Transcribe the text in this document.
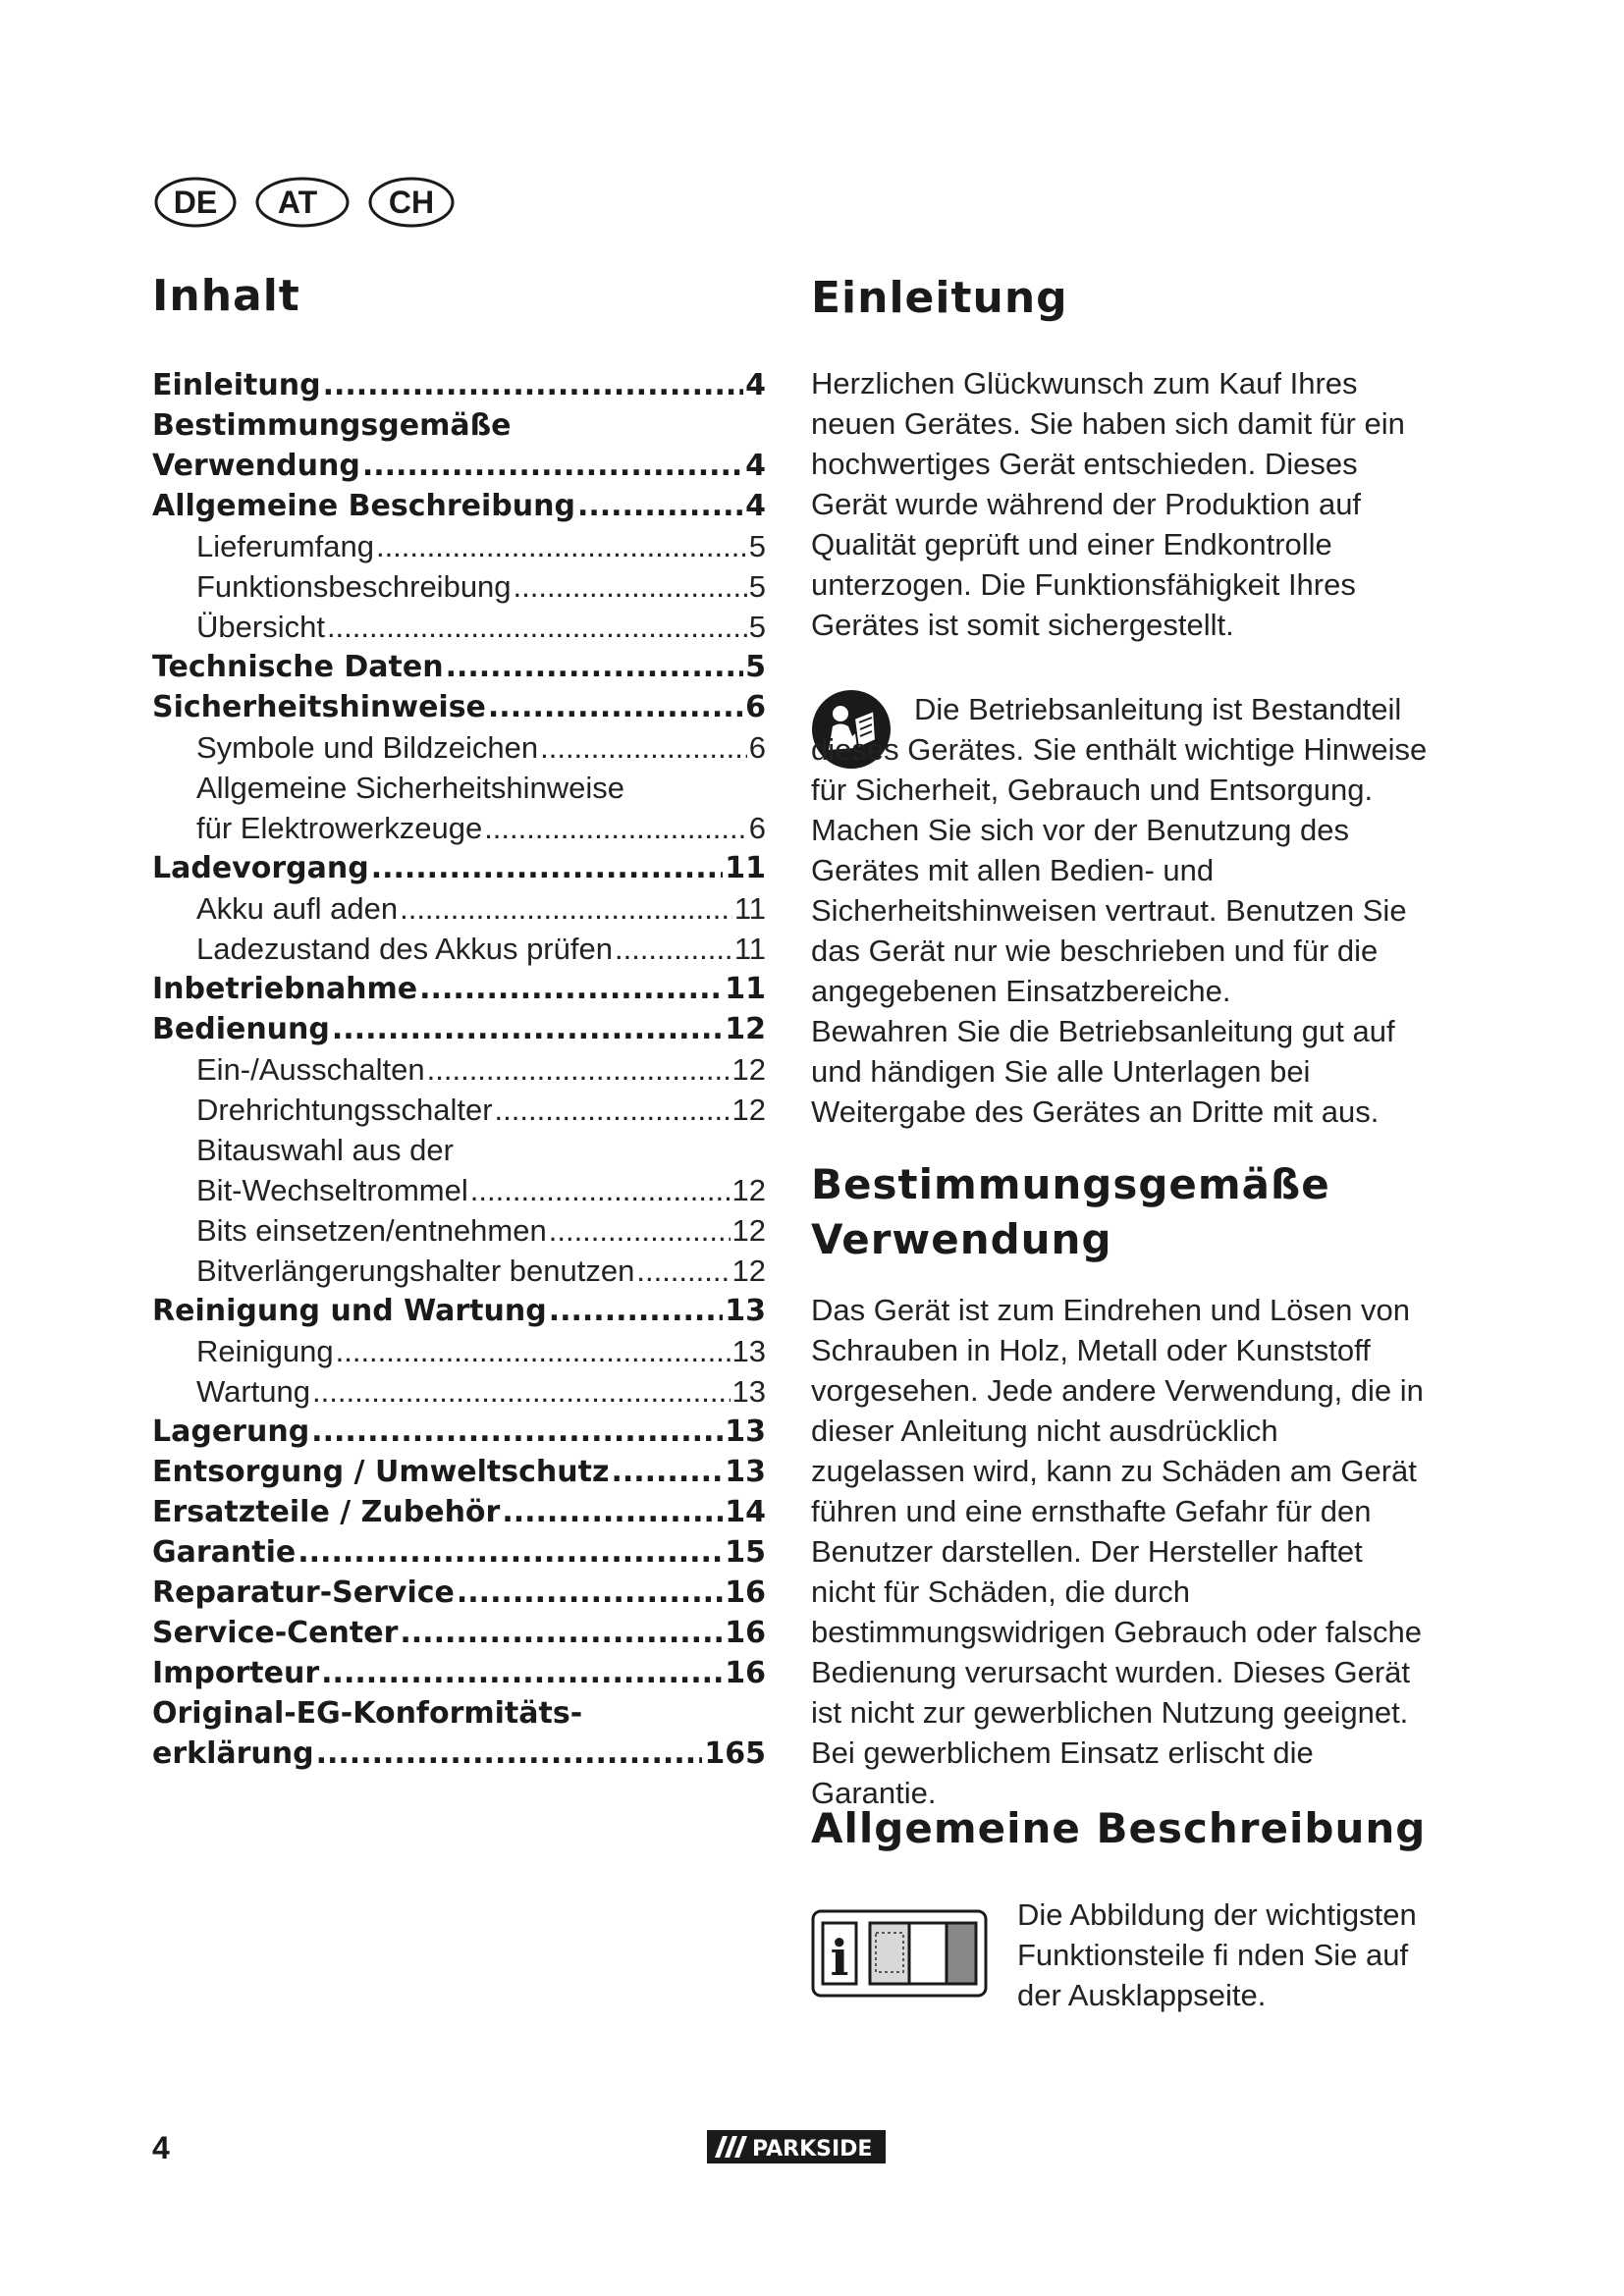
DE AT CH
Inhalt
Einleitung .....	4
Bestimmungsgemäße
Verwendung .....	4
Allgemeine Beschreibung .....	4
Lieferumfang .....	5
Funktionsbeschreibung .....	5
Übersicht .....	5
Technische Daten .....	5
Sicherheitshinweise .....	6
Symbole und Bildzeichen .....	6
Allgemeine Sicherheitshinweise
für Elektrowerkzeuge .....	6
Ladevorgang .....	11
Akku aufl aden .....	11
Ladezustand des Akkus prüfen .....	11
Inbetriebnahme .....	11
Bedienung .....	12
Ein-/Ausschalten .....	12
Drehrichtungsschalter .....	12
Bitauswahl aus der
Bit-Wechseltrommel .....	12
Bits einsetzen/entnehmen .....	12
Bitverlängerungshalter benutzen .....	12
Reinigung und Wartung .....	13
Reinigung .....	13
Wartung .....	13
Lagerung .....	13
Entsorgung / Umweltschutz .....	13
Ersatzteile / Zubehör .....	14
Garantie .....	15
Reparatur-Service .....	16
Service-Center .....	16
Importeur .....	16
Original-EG-Konformitäts-
erklärung .....	165
Einleitung

Herzlichen Glückwunsch zum Kauf Ihres neuen Gerätes. Sie haben sich damit für ein hochwertiges Gerät entschieden. Dieses Gerät wurde während der Produktion auf Qualität geprüft und einer Endkontrolle unterzogen. Die Funktionsfähigkeit Ihres Gerätes ist somit sichergestellt.

Die Betriebsanleitung ist Bestandteil dieses Gerätes. Sie enthält wichtige Hinweise für Sicherheit, Gebrauch und Entsorgung. Machen Sie sich vor der Benutzung des Gerätes mit allen Bedien- und Sicherheitshinweisen vertraut. Benutzen Sie das Gerät nur wie beschrieben und für die angegebenen Einsatzbereiche.

Bewahren Sie die Betriebsanleitung gut auf und händigen Sie alle Unterlagen bei Weitergabe des Gerätes an Dritte mit aus.

Bestimmungsgemäße
Verwendung

Das Gerät ist zum Eindrehen und Lösen von Schrauben in Holz, Metall oder Kunststoff vorgesehen. Jede andere Verwendung, die in dieser Anleitung nicht ausdrücklich zugelassen wird, kann zu Schäden am Gerät führen und eine ernsthafte Gefahr für den Benutzer darstellen. Der Hersteller haftet nicht für Schäden, die durch bestimmungswidrigen Gebrauch oder falsche Bedienung verursacht wurden. Dieses Gerät ist nicht zur gewerblichen Nutzung geeignet. Bei gewerblichem Einsatz erlischt die Garantie.

Allgemeine Beschreibung
i

Die Abbildung der wichtigsten Funktionsteile fi nden Sie auf der Ausklappseite.

4	PARKSIDE
